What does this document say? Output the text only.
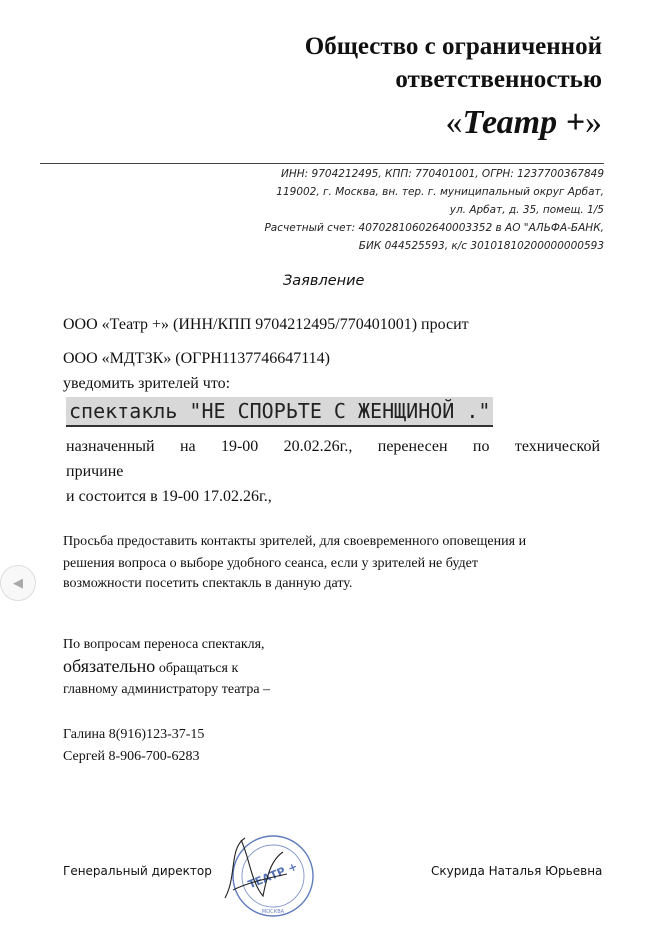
Общество с ограниченной
ответственностью
«Театр +»
ИНН: 9704212495, КПП: 770401001, ОГРН: 1237700367849
119002, г. Москва, вн. тер. г. муниципальный округ Арбат,
ул. Арбат, д. 35, помещ. 1/5
Расчетный счет: 40702810602640003352 в АО "АЛЬФА-БАНК,
БИК 044525593, к/с 30101810200000000593
Заявление
ООО «Театр +» (ИНН/КПП 9704212495/770401001) просит
ООО «МДТЗК» (ОГРН1137746647114)
уведомить зрителей что:
спектакль "НЕ СПОРЬТЕ С ЖЕНЩИНОЙ ."
назначенный на 19-00 20.02.26г., перенесен по технической
причине
и состоится в 19-00 17.02.26г.,
Просьба предоставить контакты зрителей, для своевременного оповещения и
решения вопроса о выборе удобного сеанса, если у зрителей не будет
возможности посетить спектакль в данную дату.
По вопросам переноса спектакля,
обязательно обращаться к
главному администратору театра –
Галина 8(916)123-37-15
Сергей 8-906-700-6283
Генеральный директор	Скурида Наталья Юрьевна
ТЕАТР +
МОСКВА
◀
